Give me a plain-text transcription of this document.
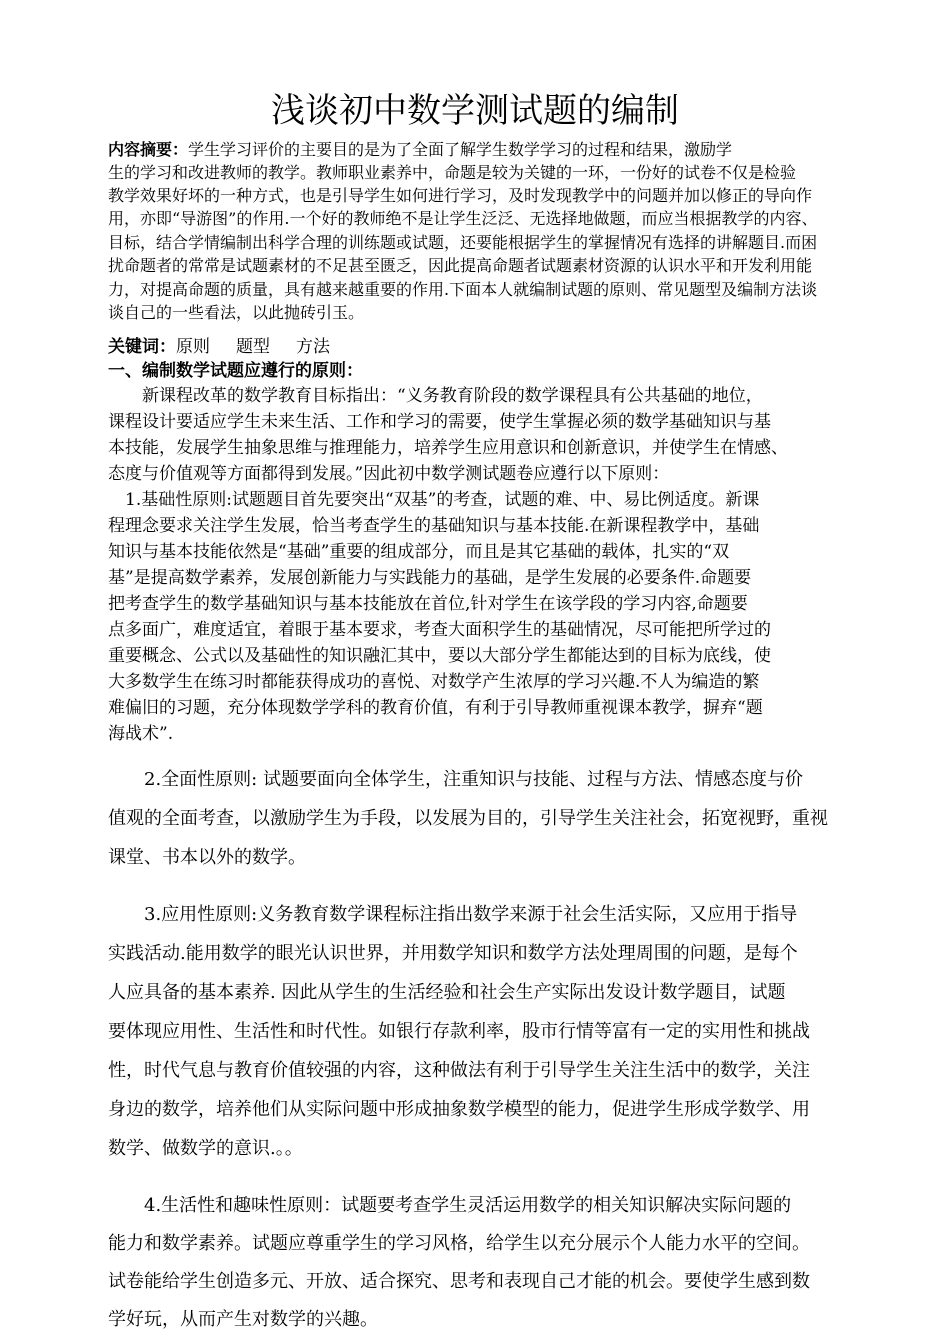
浅谈初中数学测试题的编制
内容摘要：学生学习评价的主要目的是为了全面了解学生数学学习的过程和结果，激励学
生的学习和改进教师的教学。教师职业素养中，命题是较为关键的一环，一份好的试卷不仅是检验
教学效果好坏的一种方式，也是引导学生如何进行学习，及时发现教学中的问题并加以修正的导向作
用，亦即“导游图”的作用.一个好的教师绝不是让学生泛泛、无选择地做题，而应当根据教学的内容、
目标，结合学情编制出科学合理的训练题或试题，还要能根据学生的掌握情况有选择的讲解题目.而困
扰命题者的常常是试题素材的不足甚至匮乏，因此提高命题者试题素材资源的认识水平和开发利用能
力，对提高命题的质量，具有越来越重要的作用.下面本人就编制试题的原则、常见题型及编制方法谈
谈自己的一些看法，以此抛砖引玉。
关键词：原则 题型 方法
一、编制数学试题应遵行的原则：
　　新课程改革的数学教育目标指出：“义务教育阶段的数学课程具有公共基础的地位，
课程设计要适应学生未来生活、工作和学习的需要，使学生掌握必须的数学基础知识与基
本技能，发展学生抽象思维与推理能力，培养学生应用意识和创新意识，并使学生在情感、
态度与价值观等方面都得到发展。”因此初中数学测试题卷应遵行以下原则：
　1.基础性原则:试题题目首先要突出“双基”的考查，试题的难、中、易比例适度。新课
程理念要求关注学生发展，恰当考查学生的基础知识与基本技能.在新课程教学中，基础
知识与基本技能依然是“基础”重要的组成部分，而且是其它基础的载体，扎实的“双
基”是提高数学素养，发展创新能力与实践能力的基础，是学生发展的必要条件.命题要
把考查学生的数学基础知识与基本技能放在首位,针对学生在该学段的学习内容,命题要
点多面广，难度适宜，着眼于基本要求，考查大面积学生的基础情况，尽可能把所学过的
重要概念、公式以及基础性的知识融汇其中，要以大部分学生都能达到的目标为底线，使
大多数学生在练习时都能获得成功的喜悦、对数学产生浓厚的学习兴趣.不人为编造的繁
难偏旧的习题，充分体现数学学科的教育价值，有利于引导教师重视课本教学，摒弃“题
海战术”.
　　2.全面性原则: 试题要面向全体学生，注重知识与技能、过程与方法、情感态度与价
值观的全面考查，以激励学生为手段，以发展为目的，引导学生关注社会，拓宽视野，重视
课堂、书本以外的数学。
　　3.应用性原则:义务教育数学课程标注指出数学来源于社会生活实际，又应用于指导
实践活动.能用数学的眼光认识世界，并用数学知识和数学方法处理周围的问题，是每个
人应具备的基本素养. 因此从学生的生活经验和社会生产实际出发设计数学题目，试题
要体现应用性、生活性和时代性。如银行存款利率，股市行情等富有一定的实用性和挑战
性，时代气息与教育价值较强的内容，这种做法有利于引导学生关注生活中的数学，关注
身边的数学，培养他们从实际问题中形成抽象数学模型的能力，促进学生形成学数学、用
数学、做数学的意识.。。
　　4.生活性和趣味性原则：试题要考查学生灵活运用数学的相关知识解决实际问题的
能力和数学素养。试题应尊重学生的学习风格，给学生以充分展示个人能力水平的空间。
试卷能给学生创造多元、开放、适合探究、思考和表现自己才能的机会。要使学生感到数
学好玩，从而产生对数学的兴趣。
